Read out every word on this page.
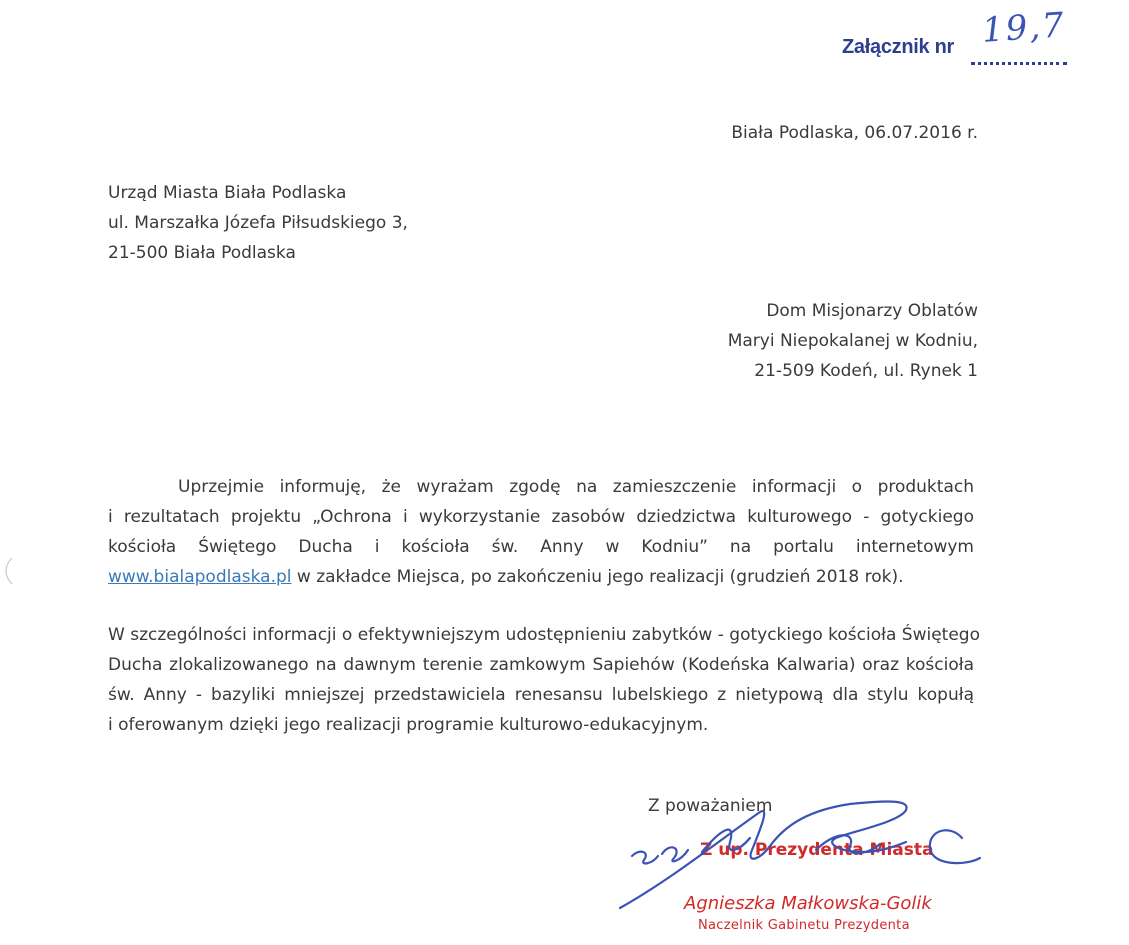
Załącznik nr 19,7
Biała Podlaska, 06.07.2016 r.
Urząd Miasta Biała Podlaska
ul. Marszałka Józefa Piłsudskiego 3,
21-500 Biała Podlaska
Dom Misjonarzy Oblatów
Maryi Niepokalanej w Kodniu,
21-509 Kodeń, ul. Rynek 1
Uprzejmie informuję, że wyrażam zgodę na zamieszczenie informacji o produktach
i rezultatach projektu „Ochrona i wykorzystanie zasobów dziedzictwa kulturowego - gotyckiego
kościoła Świętego Ducha i kościoła św. Anny w Kodniu” na portalu internetowym
www.bialapodlaska.pl w zakładce Miejsca, po zakończeniu jego realizacji (grudzień 2018 rok).
W szczególności informacji o efektywniejszym udostępnieniu zabytków - gotyckiego kościoła Świętego
Ducha zlokalizowanego na dawnym terenie zamkowym Sapiehów (Kodeńska Kalwaria) oraz kościoła
św. Anny - bazyliki mniejszej przedstawiciela renesansu lubelskiego z nietypową dla stylu kopułą
i oferowanym dzięki jego realizacji programie kulturowo-edukacyjnym.
Z poważaniem
Z up. Prezydenta Miasta
Agnieszka Małkowska-Golik
Naczelnik Gabinetu Prezydenta
